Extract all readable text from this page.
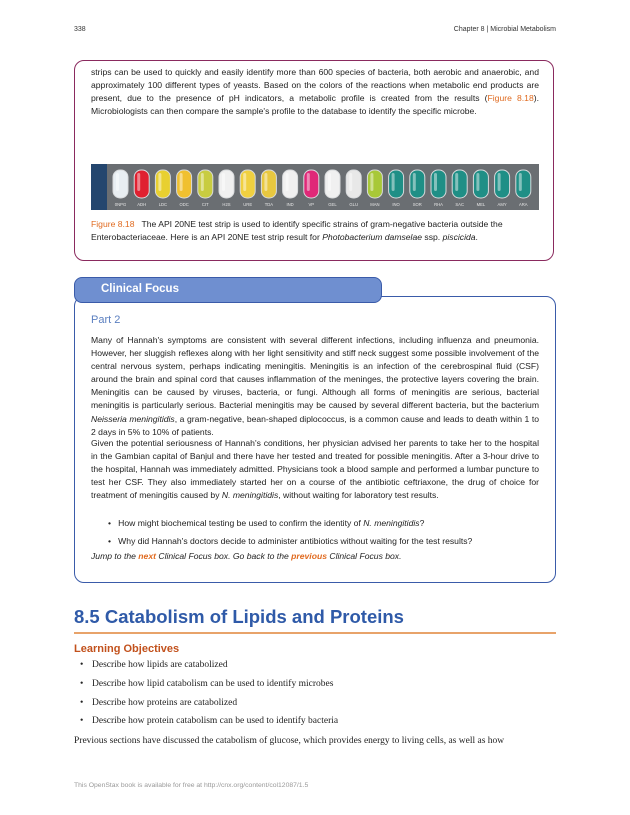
338	Chapter 8 | Microbial Metabolism
strips can be used to quickly and easily identify more than 600 species of bacteria, both aerobic and anaerobic, and approximately 100 different types of yeasts. Based on the colors of the reactions when metabolic end products are present, due to the presence of pH indicators, a metabolic profile is created from the results (Figure 8.18). Microbiologists can then compare the sample's profile to the database to identify the specific microbe.
0NPG	ADH	LDC	ODC	CIT	H2S	URE	TDA	IND	VP	GEL	GLU	MAN	INO	SOR	RHA	SAC	MEL	AMY	ARA
Figure 8.18 The API 20NE test strip is used to identify specific strains of gram-negative bacteria outside the Enterobacteriaceae. Here is an API 20NE test strip result for Photobacterium damselae ssp. piscicida.
Clinical Focus
Part 2
Many of Hannah's symptoms are consistent with several different infections, including influenza and pneumonia. However, her sluggish reflexes along with her light sensitivity and stiff neck suggest some possible involvement of the central nervous system, perhaps indicating meningitis. Meningitis is an infection of the cerebrospinal fluid (CSF) around the brain and spinal cord that causes inflammation of the meninges, the protective layers covering the brain. Meningitis can be caused by viruses, bacteria, or fungi. Although all forms of meningitis are serious, bacterial meningitis is particularly serious. Bacterial meningitis may be caused by several different bacteria, but the bacterium Neisseria meningitidis, a gram-negative, bean-shaped diplococcus, is a common cause and leads to death within 1 to 2 days in 5% to 10% of patients.
Given the potential seriousness of Hannah's conditions, her physician advised her parents to take her to the hospital in the Gambian capital of Banjul and there have her tested and treated for possible meningitis. After a 3-hour drive to the hospital, Hannah was immediately admitted. Physicians took a blood sample and performed a lumbar puncture to test her CSF. They also immediately started her on a course of the antibiotic ceftriaxone, the drug of choice for treatment of meningitis caused by N. meningitidis, without waiting for laboratory test results.
•   How might biochemical testing be used to confirm the identity of N. meningitidis?
•   Why did Hannah's doctors decide to administer antibiotics without waiting for the test results?
Jump to the next Clinical Focus box. Go back to the previous Clinical Focus box.
8.5 Catabolism of Lipids and Proteins
Learning Objectives
• Describe how lipids are catabolized
• Describe how lipid catabolism can be used to identify microbes
• Describe how proteins are catabolized
• Describe how protein catabolism can be used to identify bacteria
Previous sections have discussed the catabolism of glucose, which provides energy to living cells, as well as how
This OpenStax book is available for free at http://cnx.org/content/col12087/1.5
